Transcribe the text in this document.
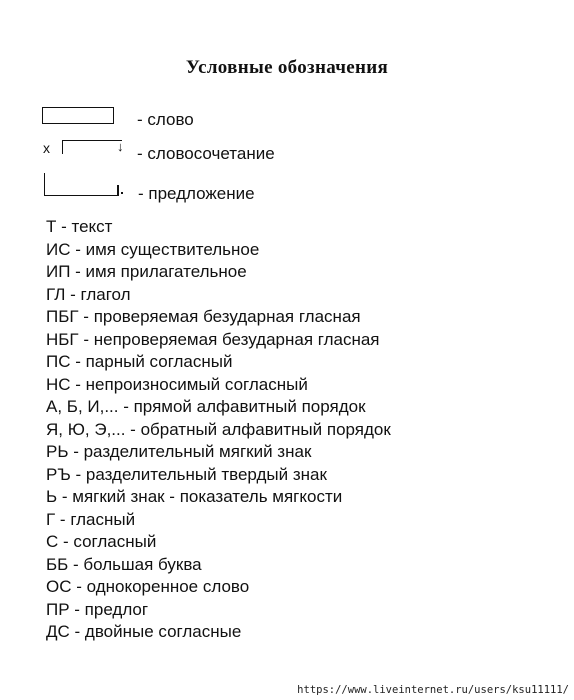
Условные обозначения
- слово
х	↓ - словосочетание
- предложение
Т - текст
ИС - имя существительное
ИП - имя прилагательное
ГЛ - глагол
ПБГ - проверяемая безударная гласная
НБГ - непроверяемая безударная гласная
ПС - парный согласный
НС - непроизносимый согласный
А, Б, И,... - прямой алфавитный порядок
Я, Ю, Э,... - обратный алфавитный порядок
РЬ - разделительный мягкий знак
РЪ - разделительный твердый знак
Ь - мягкий знак - показатель мягкости
Г - гласный
С - согласный
ББ - большая буква
ОС - однокоренное слово
ПР - предлог
ДС - двойные согласные
https://www.liveinternet.ru/users/ksu11111/
